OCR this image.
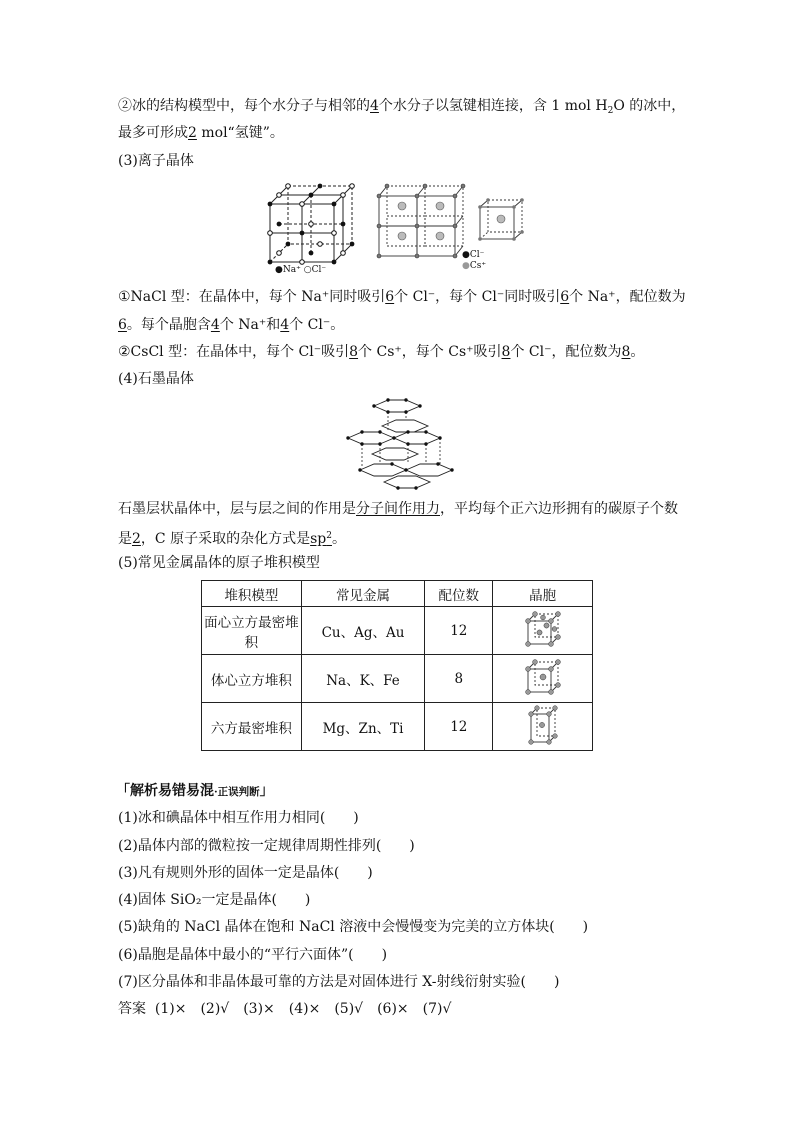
②冰的结构模型中，每个水分子与相邻的4个水分子以氢键相连接，含 1 mol $H_2O$ 的冰中，
最多可形成2 mol“氢键”。
(3)离子晶体
●Na⁺ ○Cl⁻
●Cl⁻
●Cs⁺
①NaCl 型：在晶体中，每个 Na⁺同时吸引6个 Cl⁻，每个 Cl⁻同时吸引6个 Na⁺，配位数为
6。每个晶胞含4个 Na⁺和4个 Cl⁻。
②CsCl 型：在晶体中，每个 Cl⁻吸引8个 Cs⁺，每个 Cs⁺吸引8个 Cl⁻，配位数为8。
(4)石墨晶体
石墨层状晶体中，层与层之间的作用是分子间作用力，平均每个正六边形拥有的碳原子个数
是2，C 原子采取的杂化方式是$sp^2$。
(5)常见金属晶体的原子堆积模型
堆积模型	常见金属	配位数	晶胞
面心立方最密堆积	Cu、Ag、Au	12	
体心立方堆积	Na、K、Fe	8	
六方最密堆积	Mg、Zn、Ti	12	
「解析易错易混·正误判断」
(1)冰和碘晶体中相互作用力相同(　　)
(2)晶体内部的微粒按一定规律周期性排列(　　)
(3)凡有规则外形的固体一定是晶体(　　)
(4)固体 SiO₂一定是晶体(　　)
(5)缺角的 NaCl 晶体在饱和 NaCl 溶液中会慢慢变为完美的立方体块(　　)
(6)晶胞是晶体中最小的“平行六面体”(　　)
(7)区分晶体和非晶体最可靠的方法是对固体进行 X-射线衍射实验(　　)
答案 (1)×　(2)√　(3)×　(4)×　(5)√　(6)×　(7)√
